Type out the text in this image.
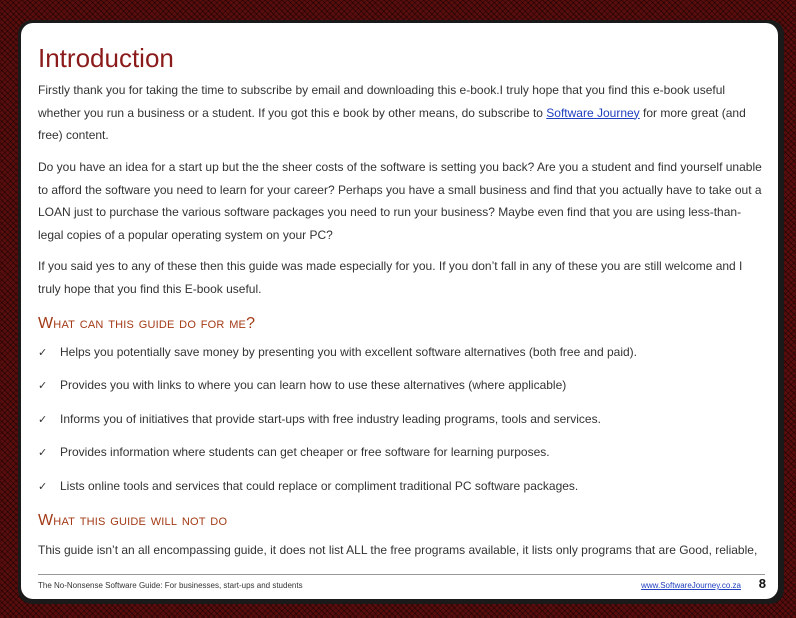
Introduction

Firstly thank you for taking the time to subscribe by email and downloading this e-book.I truly hope that you find this e-book useful whether you run a business or a student. If you got this e book by other means, do subscribe to Software Journey for more great (and free) content.

Do you have an idea for a start up but the the sheer costs of the software is setting you back? Are you a student and find yourself unable to afford the software you need to learn for your career? Perhaps you have a small business and find that you actually have to take out a LOAN just to purchase the various software packages you need to run your business? Maybe even find that you are using less-than-legal copies of a popular operating system on your PC?

If you said yes to any of these then this guide was made especially for you. If you don’t fall in any of these you are still welcome and I truly hope that you find this E-book useful.

What can this guide do for me?
✓ Helps you potentially save money by presenting you with excellent software alternatives (both free and paid).
✓ Provides you with links to where you can learn how to use these alternatives (where applicable)
✓ Informs you of initiatives that provide start-ups with free industry leading programs, tools and services.
✓ Provides information where students can get cheaper or free software for learning purposes.
✓ Lists online tools and services that could replace or compliment traditional PC software packages.
What this guide will not do

This guide isn’t an all encompassing guide, it does not list ALL the free programs available, it lists only programs that are Good, reliable,

The No-Nonsense Software Guide: For businesses, start-ups and students	www.SoftwareJourney.co.za 8
